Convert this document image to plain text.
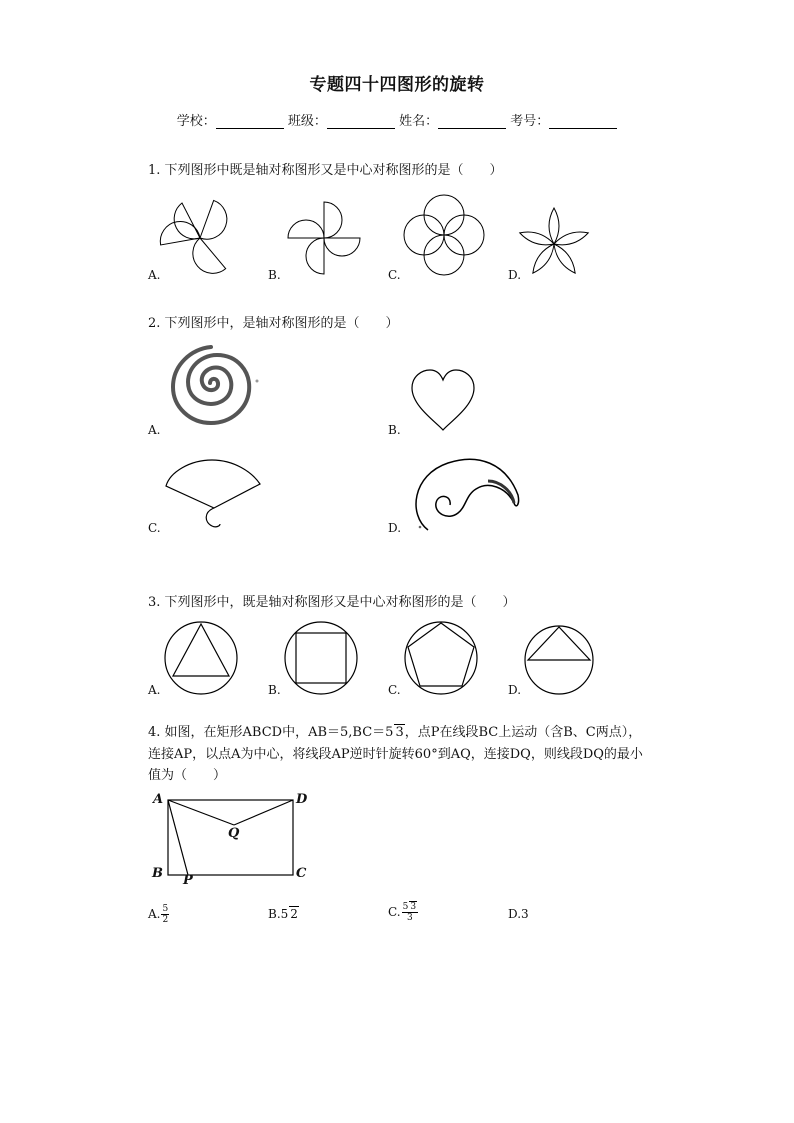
专题四十四图形的旋转
学校：	班级：	姓名：	考号：
1. 下列图形中既是轴对称图形又是中心对称图形的是（　　）
A.	B.	C.	D.
2. 下列图形中，是轴对称图形的是（　　）
A.	B.
C.	D.
3. 下列图形中，既是轴对称图形又是中心对称图形的是（　　）
A.	B.	C.	D.
4. 如图，在矩形ABCD中，AB＝5,BC＝5 3，点P在线段BC上运动（含B、C两点），
连接AP，以点A为中心，将线段AP逆时针旋转60°到AQ，连接DQ，则线段DQ的最小
值为（　　）
A	D
Q
B P	C
A. $\frac{5}{2}$	B.5 2	C. $\frac{5 3}{3}$	D.3
